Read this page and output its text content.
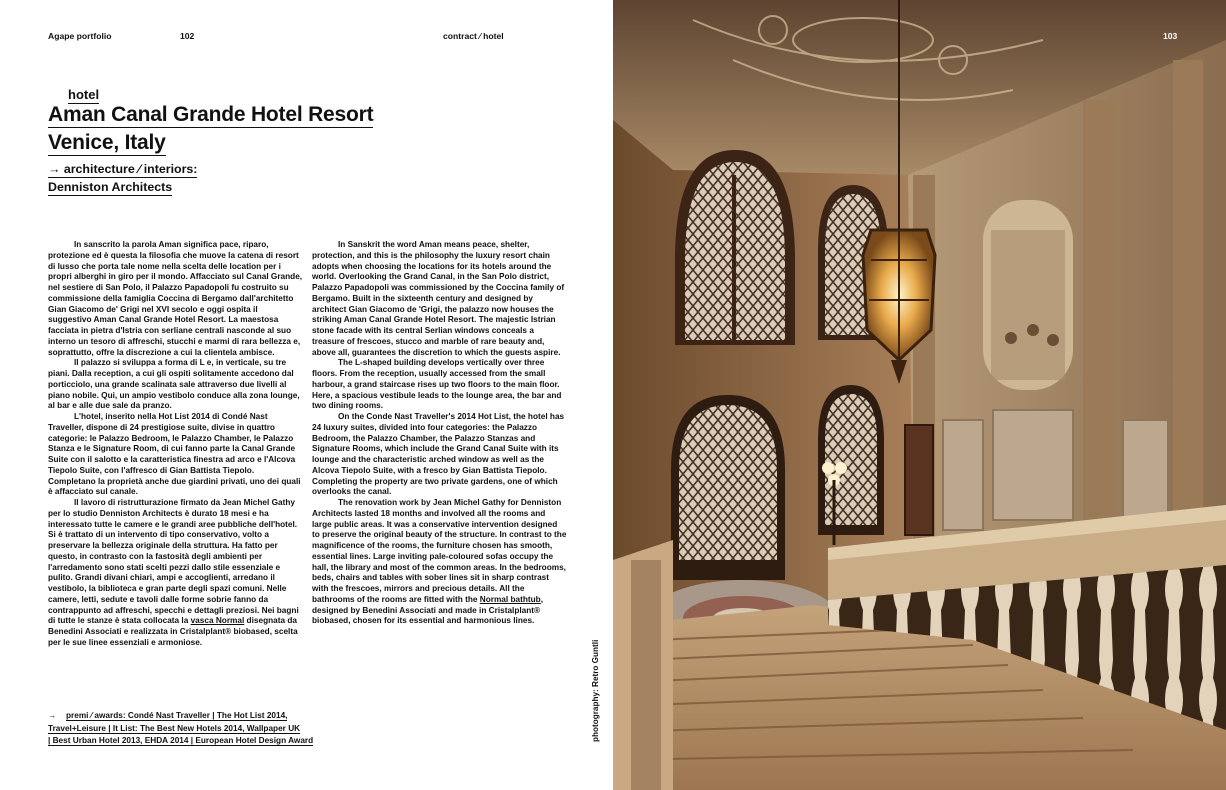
Agape portfolio	102	contract ⁄ hotel
hotel
Aman Canal Grande Hotel Resort
Venice, Italy
→ architecture ⁄ interiors:
Denniston Architects

In sanscrito la parola Aman significa pace, riparo, protezione ed è questa la filosofia che muove la catena di resort di lusso che porta tale nome nella scelta delle location per i propri alberghi in giro per il mondo. Affacciato sul Canal Grande, nel sestiere di San Polo, il Palazzo Papadopoli fu costruito su commissione della famiglia Coccina di Bergamo dall'architetto Gian Giacomo de' Grigi nel XVI secolo e oggi ospita il suggestivo Aman Canal Grande Hotel Resort. La maestosa facciata in pietra d'Istria con serliane centrali nasconde al suo interno un tesoro di affreschi, stucchi e marmi di rara bellezza e, soprattutto, offre la discrezione a cui la clientela ambisce.

Il palazzo si sviluppa a forma di L e, in verticale, su tre piani. Dalla reception, a cui gli ospiti solitamente accedono dal porticciolo, una grande scalinata sale attraverso due livelli al piano nobile. Qui, un ampio vestibolo conduce alla zona lounge, al bar e alle due sale da pranzo.

L'hotel, inserito nella Hot List 2014 di Condé Nast Traveller, dispone di 24 prestigiose suite, divise in quattro categorie: le Palazzo Bedroom, le Palazzo Chamber, le Palazzo Stanza e le Signature Room, di cui fanno parte la Canal Grande Suite con il salotto e la caratteristica finestra ad arco e l'Alcova Tiepolo Suite, con l'affresco di Gian Battista Tiepolo. Completano la proprietà anche due giardini privati, uno dei quali è affacciato sul canale.

Il lavoro di ristrutturazione firmato da Jean Michel Gathy per lo studio Denniston Architects è durato 18 mesi e ha interessato tutte le camere e le grandi aree pubbliche dell'hotel. Si è trattato di un intervento di tipo conservativo, volto a preservare la bellezza originale della struttura. Ha fatto per questo, in contrasto con la fastosità degli ambienti per l'arredamento sono stati scelti pezzi dallo stile essenziale e pulito. Grandi divani chiari, ampi e accoglienti, arredano il vestibolo, la biblioteca e gran parte degli spazi comuni. Nelle camere, letti, sedute e tavoli dalle forme sobrie fanno da contrappunto ad affreschi, specchi e dettagli preziosi. Nei bagni di tutte le stanze è stata collocata la vasca Normal disegnata da Benedini Associati e realizzata in Cristalplant® biobased, scelta per le sue linee essenziali e armoniose.

In Sanskrit the word Aman means peace, shelter, protection, and this is the philosophy the luxury resort chain adopts when choosing the locations for its hotels around the world. Overlooking the Grand Canal, in the San Polo district, Palazzo Papadopoli was commissioned by the Coccina family of Bergamo. Built in the sixteenth century and designed by architect Gian Giacomo de 'Grigi, the palazzo now houses the striking Aman Canal Grande Hotel Resort. The majestic Istrian stone facade with its central Serlian windows conceals a treasure of frescoes, stucco and marble of rare beauty and, above all, guarantees the discretion to which the guests aspire.

The L-shaped building develops vertically over three floors. From the reception, usually accessed from the small harbour, a grand staircase rises up two floors to the main floor. Here, a spacious vestibule leads to the lounge area, the bar and two dining rooms.

On the Conde Nast Traveller's 2014 Hot List, the hotel has 24 luxury suites, divided into four categories: the Palazzo Bedroom, the Palazzo Chamber, the Palazzo Stanzas and Signature Rooms, which include the Grand Canal Suite with its lounge and the characteristic arched window as well as the Alcova Tiepolo Suite, with a fresco by Gian Battista Tiepolo. Completing the property are two private gardens, one of which overlooks the canal.

The renovation work by Jean Michel Gathy for Denniston Architects lasted 18 months and involved all the rooms and large public areas. It was a conservative intervention designed to preserve the original beauty of the structure. In contrast to the magnificence of the rooms, the furniture chosen has smooth, essential lines. Large inviting pale-coloured sofas occupy the hall, the library and most of the common areas. In the bedrooms, beds, chairs and tables with sober lines sit in sharp contrast with the frescoes, mirrors and precious details. All the bathrooms of the rooms are fitted with the Normal bathtub, designed by Benedini Associati and made in Cristalplant® biobased, chosen for its essential and harmonious lines.

→ premi ⁄ awards: Condé Nast Traveller | The Hot List 2014,
Travel+Leisure | It List: The Best New Hotels 2014, Wallpaper UK
| Best Urban Hotel 2013, EHDA 2014 | European Hotel Design Award	photography: Retro Guntli
103
